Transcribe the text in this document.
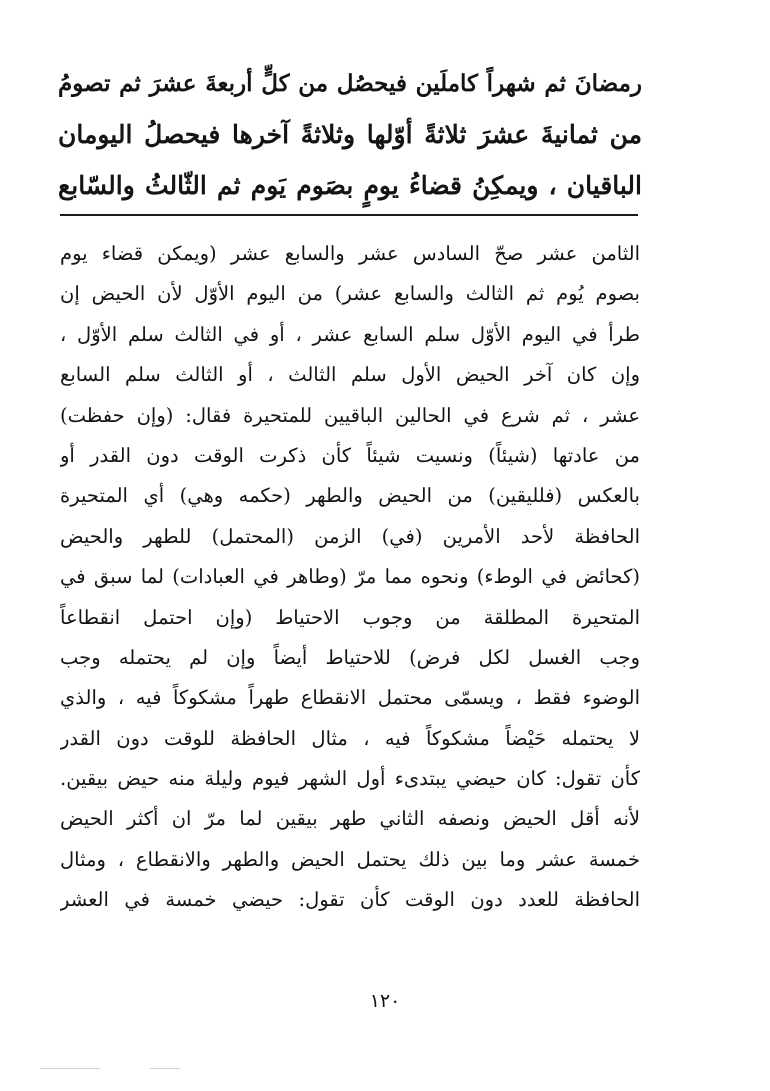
رمضانَ ثم شهراً كاملَين فيحصُل من كلٍّ أربعةَ عشرَ ثم تصومُ
من ثمانيةَ عشرَ ثلاثةً أوّلها وثلاثةً آخرها فيحصلُ اليومان
الباقيان ، ويمكِنُ قضاءُ يومٍ بصَوم يَوم ثم الثّالثُ والسّابع
الثامن عشر صحّ السادس عشر والسابع عشر (ويمكن قضاء يوم
بصوم يُوم ثم الثالث والسابع عشر) من اليوم الأوّل لأن الحيض إن
طرأ في اليوم الأوّل سلم السابع عشر ، أو في الثالث سلم الأوّل ،
وإن كان آخر الحيض الأول سلم الثالث ، أو الثالث سلم السابع
عشر ، ثم شرع في الحالين الباقيين للمتحيرة فقال: (وإن حفظت)
من عادتها (شيئاً) ونسيت شيئاً كأن ذكرت الوقت دون القدر أو
بالعكس (فلليقين) من الحيض والطهر (حكمه وهي) أي المتحيرة
الحافظة لأحد الأمرين (في) الزمن (المحتمل) للطهر والحيض
(كحائض في الوطء) ونحوه مما مرّ (وطاهر في العبادات) لما سبق في
المتحيرة المطلقة من وجوب الاحتياط (وإن احتمل انقطاعاً
وجب الغسل لكل فرض) للاحتياط أيضاً وإن لم يحتمله وجب
الوضوء فقط ، ويسمّى محتمل الانقطاع طهراً مشكوكاً فيه ، والذي
لا يحتمله حَيْضاً مشكوكاً فيه ، مثال الحافظة للوقت دون القدر
كأن تقول: كان حيضي يبتدىء أول الشهر فيوم وليلة منه حيض بيقين.
لأنه أقل الحيض ونصفه الثاني طهر بيقين لما مرّ ان أكثر الحيض
خمسة عشر وما بين ذلك يحتمل الحيض والطهر والانقطاع ، ومثال
الحافظة للعدد دون الوقت كأن تقول: حيضي خمسة في العشر
١٢٠
